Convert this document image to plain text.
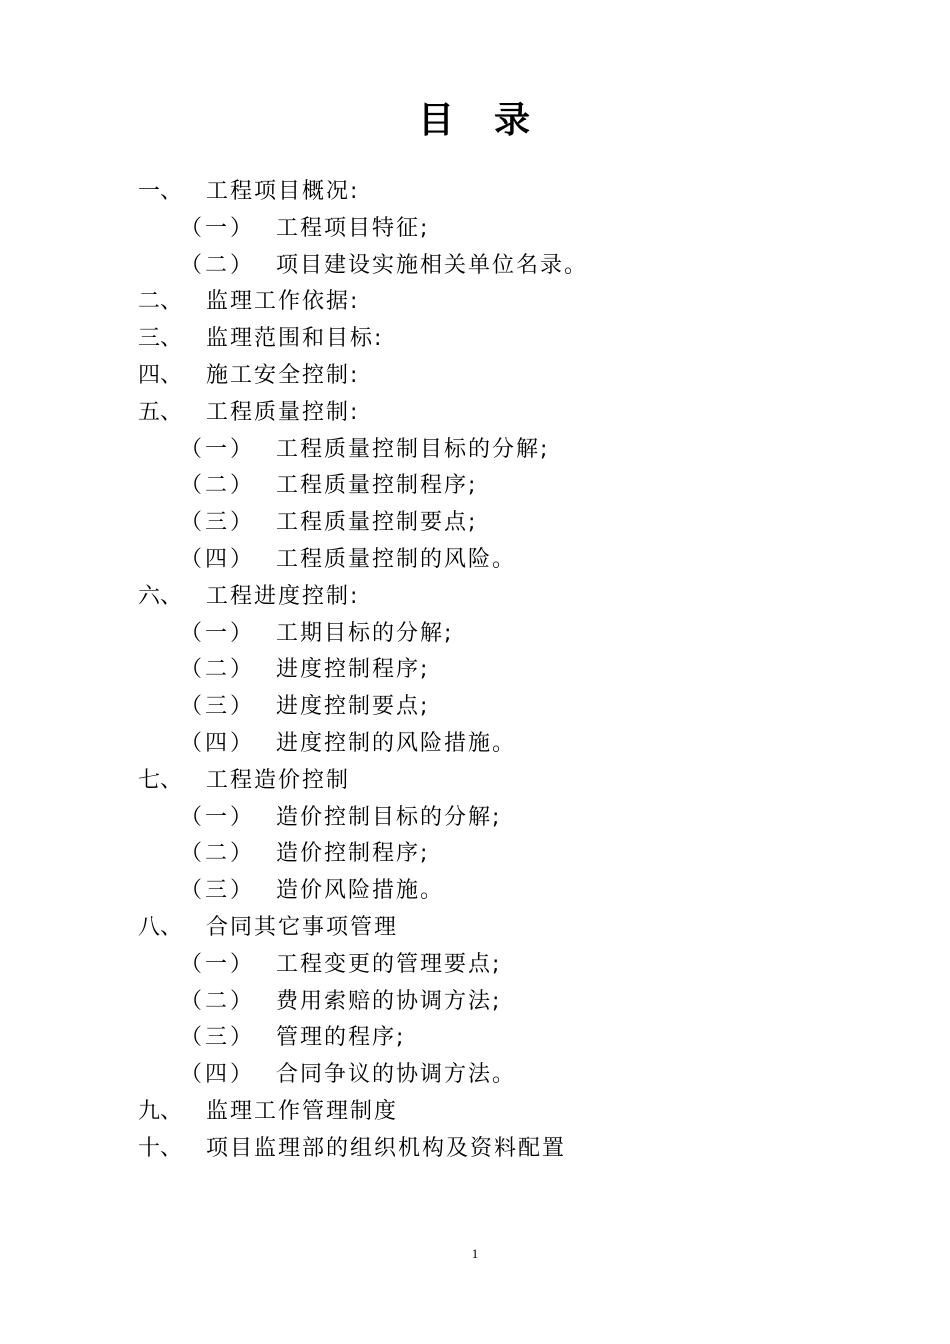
目　录
一、 工程项目概况:
（一） 工程项目特征;
（二） 项目建设实施相关单位名录。
二、 监理工作依据:
三、 监理范围和目标:
四、 施工安全控制:
五、 工程质量控制:
（一） 工程质量控制目标的分解;
（二） 工程质量控制程序;
（三） 工程质量控制要点;
（四） 工程质量控制的风险。
六、 工程进度控制:
（一） 工期目标的分解;
（二） 进度控制程序;
（三） 进度控制要点;
（四） 进度控制的风险措施。
七、 工程造价控制
（一） 造价控制目标的分解;
（二） 造价控制程序;
（三） 造价风险措施。
八、 合同其它事项管理
（一） 工程变更的管理要点;
（二） 费用索赔的协调方法;
（三） 管理的程序;
（四） 合同争议的协调方法。
九、 监理工作管理制度
十、 项目监理部的组织机构及资料配置
1
